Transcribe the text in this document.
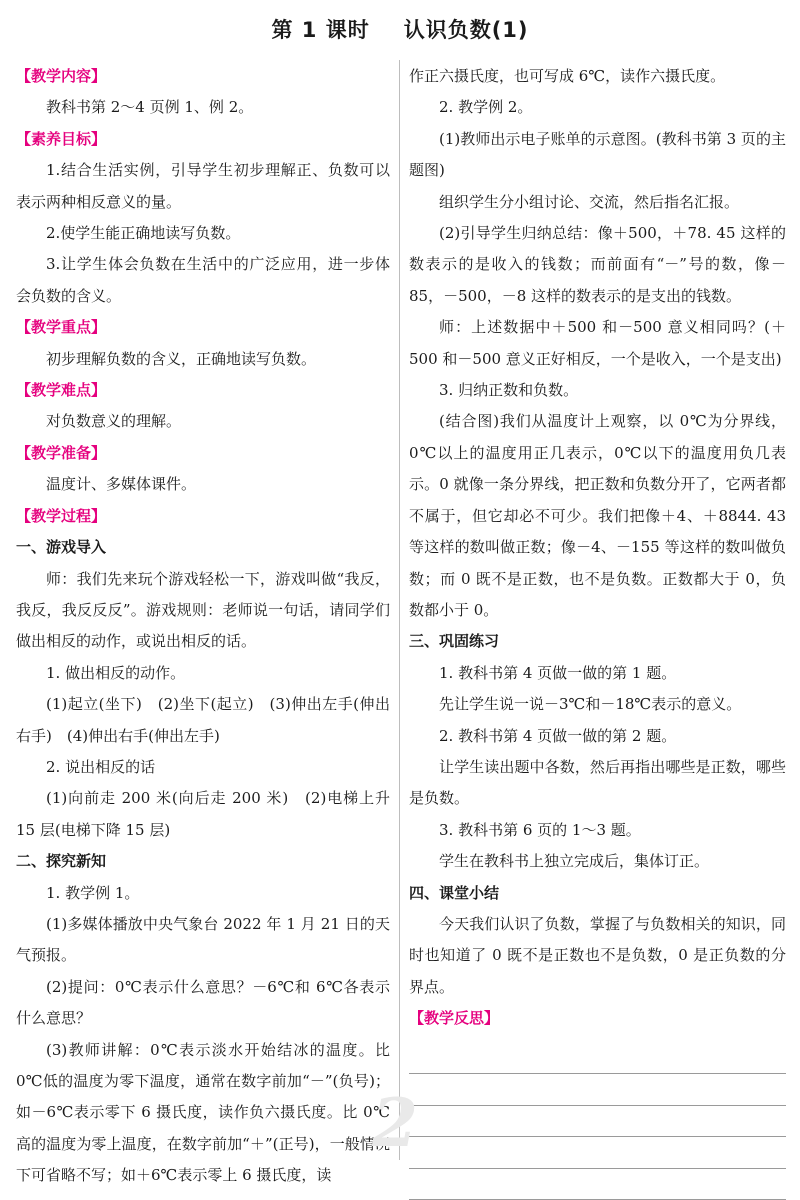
第 1 课时 认识负数(1)

【教学内容】

教科书第 2～4 页例 1、例 2。

【素养目标】

1.结合生活实例，引导学生初步理解正、负数可以表示两种相反意义的量。

2.使学生能正确地读写负数。

3.让学生体会负数在生活中的广泛应用，进一步体会负数的含义。

【教学重点】

初步理解负数的含义，正确地读写负数。

【教学难点】

对负数意义的理解。

【教学准备】

温度计、多媒体课件。

【教学过程】

一、游戏导入

师：我们先来玩个游戏轻松一下，游戏叫做“我反，我反，我反反反”。游戏规则：老师说一句话，请同学们做出相反的动作，或说出相反的话。

1. 做出相反的动作。

(1)起立(坐下)　(2)坐下(起立)　(3)伸出左手(伸出右手)　(4)伸出右手(伸出左手)

2. 说出相反的话

(1)向前走 200 米(向后走 200 米)　(2)电梯上升 15 层(电梯下降 15 层)

二、探究新知

1. 教学例 1。

(1)多媒体播放中央气象台 2022 年 1 月 21 日的天气预报。

(2)提问：0℃表示什么意思？－6℃和 6℃各表示什么意思？

(3)教师讲解：0℃表示淡水开始结冰的温度。比 0℃低的温度为零下温度，通常在数字前加“－”(负号)；如－6℃表示零下 6 摄氏度，读作负六摄氏度。比 0℃高的温度为零上温度，在数字前加“＋”(正号)，一般情况下可省略不写；如＋6℃表示零上 6 摄氏度，读

作正六摄氏度，也可写成 6℃，读作六摄氏度。

2. 教学例 2。

(1)教师出示电子账单的示意图。(教科书第 3 页的主题图)

组织学生分小组讨论、交流，然后指名汇报。

(2)引导学生归纳总结：像＋500，＋78. 45 这样的数表示的是收入的钱数；而前面有“－”号的数，像－85，－500，－8 这样的数表示的是支出的钱数。

师：上述数据中＋500 和－500 意义相同吗？(＋500 和－500 意义正好相反，一个是收入，一个是支出)

3. 归纳正数和负数。

(结合图)我们从温度计上观察，以 0℃为分界线，0℃以上的温度用正几表示，0℃以下的温度用负几表示。0 就像一条分界线，把正数和负数分开了，它两者都不属于，但它却必不可少。我们把像＋4、＋8844. 43 等这样的数叫做正数；像－4、－155 等这样的数叫做负数；而 0 既不是正数，也不是负数。正数都大于 0，负数都小于 0。

三、巩固练习

1. 教科书第 4 页做一做的第 1 题。

先让学生说一说－3℃和－18℃表示的意义。

2. 教科书第 4 页做一做的第 2 题。

让学生读出题中各数，然后再指出哪些是正数，哪些是负数。

3. 教科书第 6 页的 1～3 题。

学生在教科书上独立完成后，集体订正。

四、课堂小结

今天我们认识了负数，掌握了与负数相关的知识，同时也知道了 0 既不是正数也不是负数，0 是正负数的分界点。

【教学反思】

2
